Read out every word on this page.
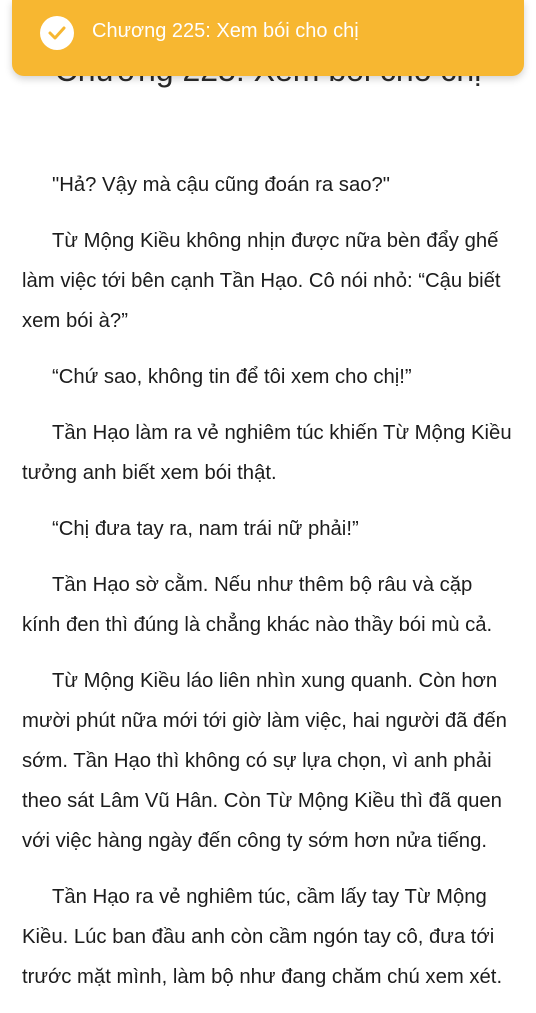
Chương 225: Xem bói cho chị

"Hả? Vậy mà cậu cũng đoán ra sao?"

Từ Mộng Kiều không nhịn được nữa bèn đẩy ghế
làm việc tới bên cạnh Tần Hạo. Cô nói nhỏ: “Cậu biết
xem bói à?”

“Chứ sao, không tin để tôi xem cho chị!”

Tần Hạo làm ra vẻ nghiêm túc khiến Từ Mộng Kiều
tưởng anh biết xem bói thật.

“Chị đưa tay ra, nam trái nữ phải!”

Tần Hạo sờ cằm. Nếu như thêm bộ râu và cặp
kính đen thì đúng là chẳng khác nào thầy bói mù cả.

Từ Mộng Kiều láo liên nhìn xung quanh. Còn hơn
mười phút nữa mới tới giờ làm việc, hai người đã đến
sớm. Tần Hạo thì không có sự lựa chọn, vì anh phải
theo sát Lâm Vũ Hân. Còn Từ Mộng Kiều thì đã quen
với việc hàng ngày đến công ty sớm hơn nửa tiếng.

Tần Hạo ra vẻ nghiêm túc, cầm lấy tay Từ Mộng
Kiều. Lúc ban đầu anh còn cầm ngón tay cô, đưa tới
trước mặt mình, làm bộ như đang chăm chú xem xét.
